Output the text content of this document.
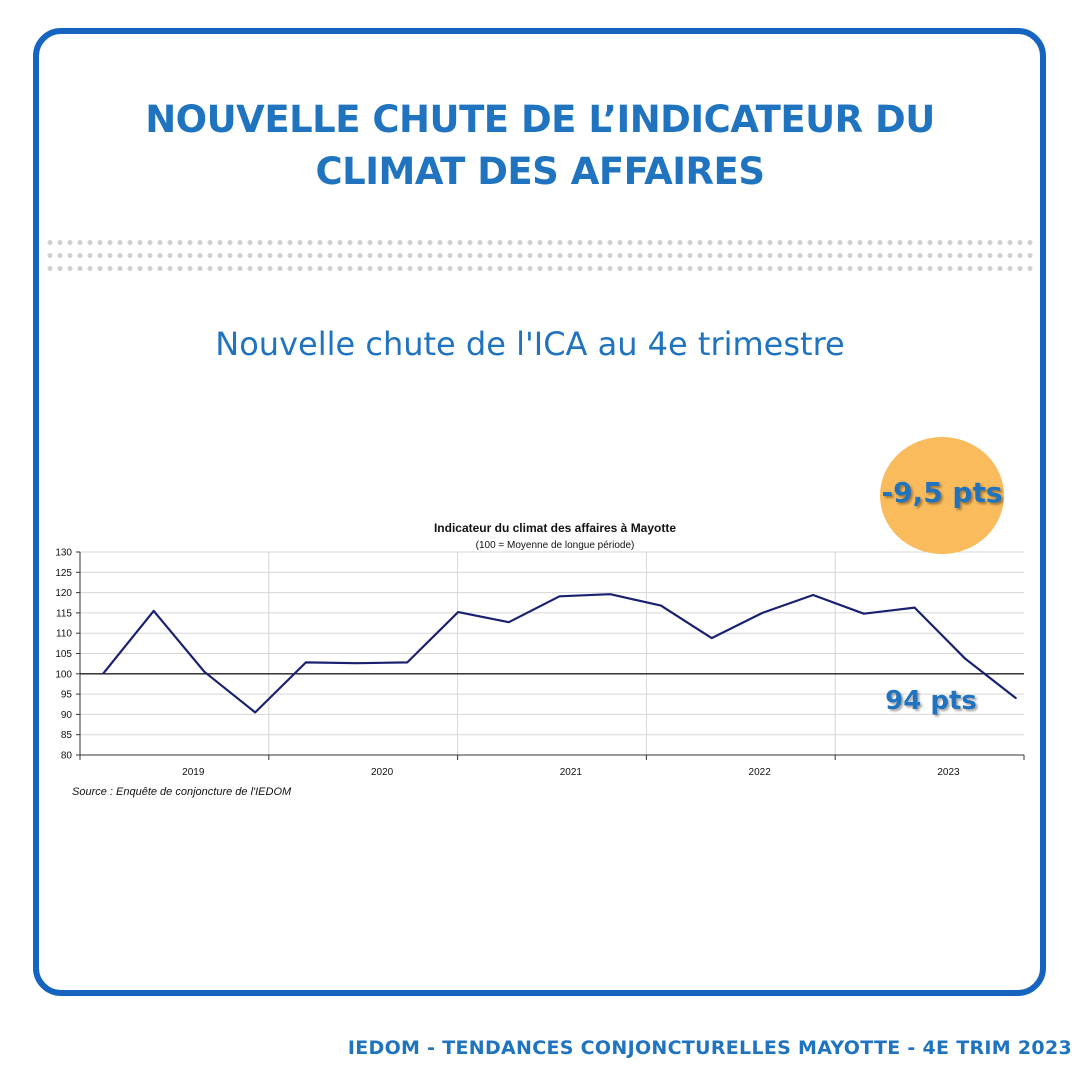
NOUVELLE CHUTE DE L’INDICATEUR DU
CLIMAT DES AFFAIRES
Nouvelle chute de l'ICA au 4e trimestre
Indicateur du climat des affaires à Mayotte
(100 = Moyenne de longue période)
80
85
90
95
100
105
110
115
120
125
130
2019	2020	2021	2022	2023
Source : Enquête de conjoncture de l'IEDOM
-9,5 pts
94 pts
IEDOM - TENDANCES CONJONCTURELLES MAYOTTE - 4E TRIM 2023
